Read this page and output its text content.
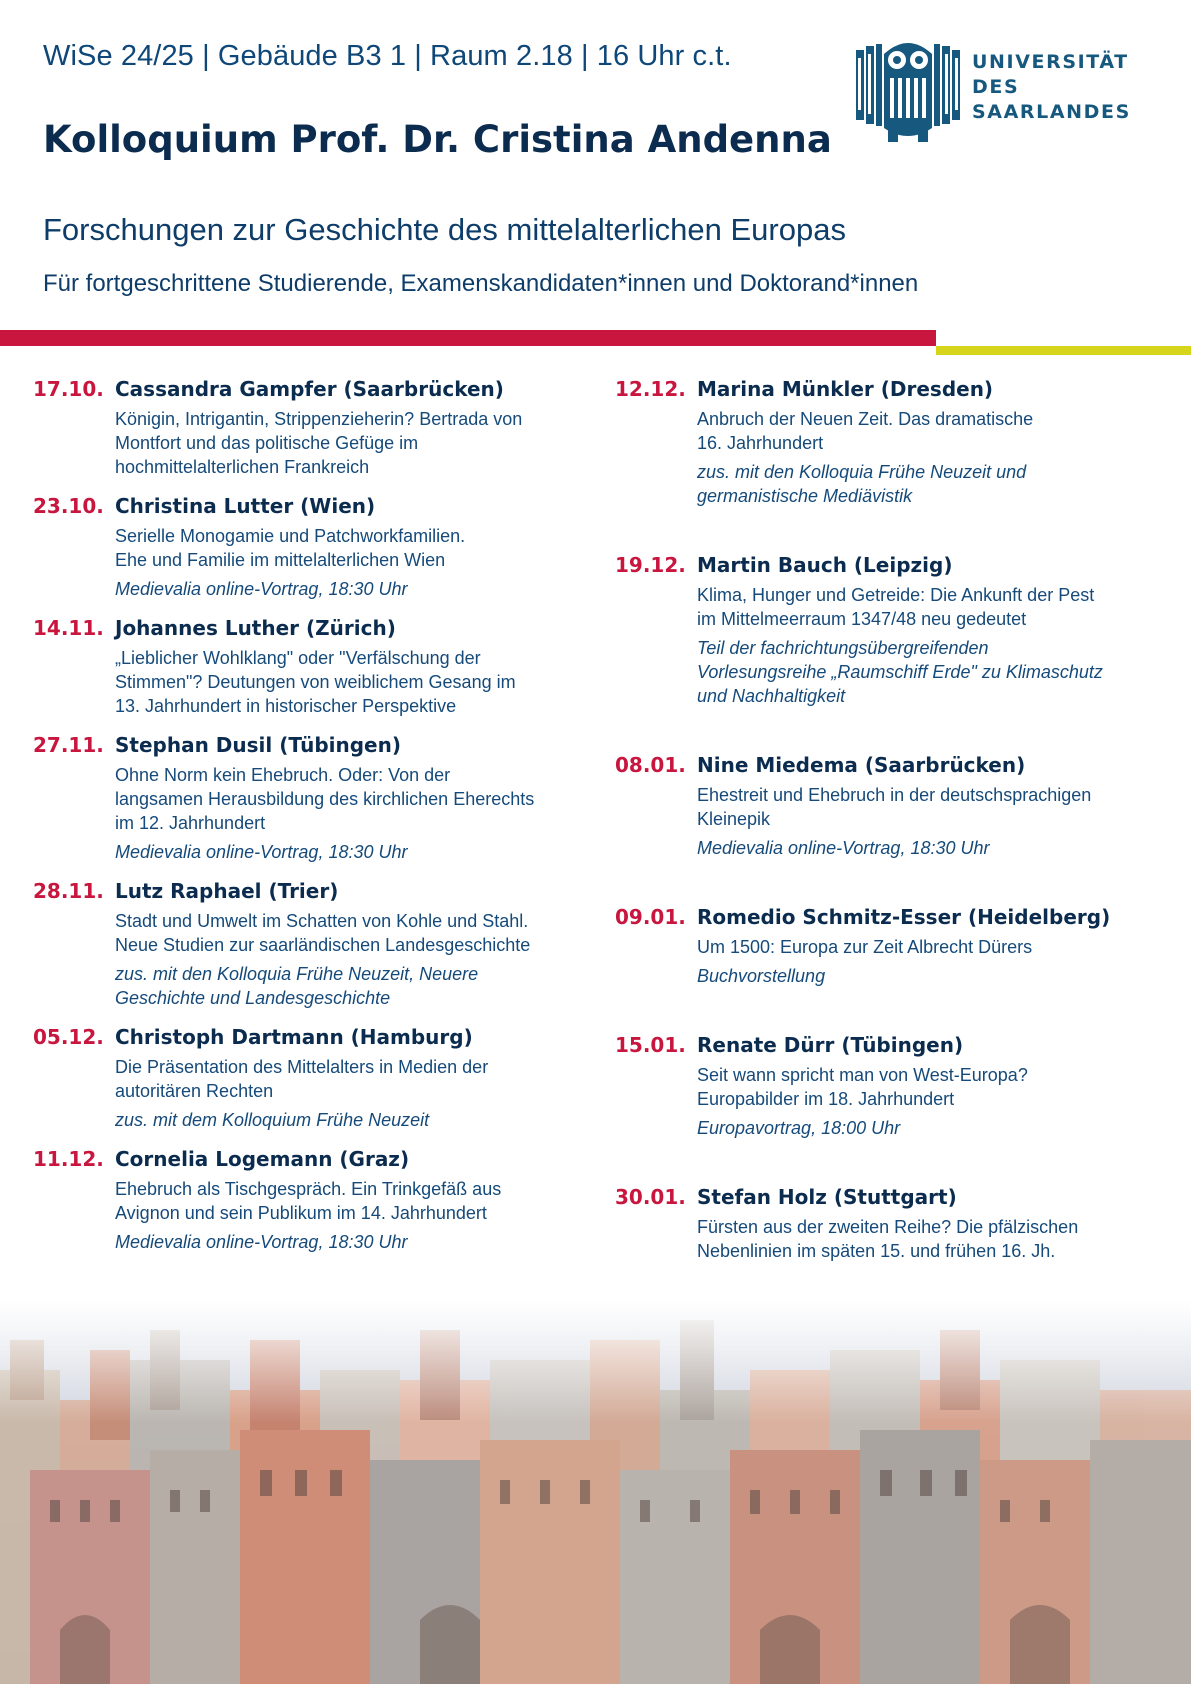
WiSe 24/25 | Gebäude B3 1 | Raum 2.18 | 16 Uhr c.t.
Kolloquium Prof. Dr. Cristina Andenna
Forschungen zur Geschichte des mittelalterlichen Europas
Für fortgeschrittene Studierende, Examenskandidaten*innen und Doktorand*innen
UNIVERSITÄT
DES
SAARLANDES
17.10. Cassandra Gampfer (Saarbrücken)
Königin, Intrigantin, Strippenzieherin? Bertrada von
Montfort und das politische Gefüge im
hochmittelalterlichen Frankreich
23.10. Christina Lutter (Wien)
Serielle Monogamie und Patchworkfamilien.
Ehe und Familie im mittelalterlichen Wien
Medievalia online-Vortrag, 18:30 Uhr
14.11. Johannes Luther (Zürich)
„Lieblicher Wohlklang" oder "Verfälschung der
Stimmen"? Deutungen von weiblichem Gesang im
13. Jahrhundert in historischer Perspektive
27.11. Stephan Dusil (Tübingen)
Ohne Norm kein Ehebruch. Oder: Von der
langsamen Herausbildung des kirchlichen Eherechts
im 12. Jahrhundert
Medievalia online-Vortrag, 18:30 Uhr
28.11. Lutz Raphael (Trier)
Stadt und Umwelt im Schatten von Kohle und Stahl.
Neue Studien zur saarländischen Landesgeschichte
zus. mit den Kolloquia Frühe Neuzeit, Neuere
Geschichte und Landesgeschichte
05.12. Christoph Dartmann (Hamburg)
Die Präsentation des Mittelalters in Medien der
autoritären Rechten
zus. mit dem Kolloquium Frühe Neuzeit
11.12. Cornelia Logemann (Graz)
Ehebruch als Tischgespräch. Ein Trinkgefäß aus
Avignon und sein Publikum im 14. Jahrhundert
Medievalia online-Vortrag, 18:30 Uhr
12.12. Marina Münkler (Dresden)
Anbruch der Neuen Zeit. Das dramatische
16. Jahrhundert
zus. mit den Kolloquia Frühe Neuzeit und
germanistische Mediävistik
19.12. Martin Bauch (Leipzig)
Klima, Hunger und Getreide: Die Ankunft der Pest
im Mittelmeerraum 1347/48 neu gedeutet
Teil der fachrichtungsübergreifenden
Vorlesungsreihe „Raumschiff Erde" zu Klimaschutz
und Nachhaltigkeit
08.01. Nine Miedema (Saarbrücken)
Ehestreit und Ehebruch in der deutschsprachigen
Kleinepik
Medievalia online-Vortrag, 18:30 Uhr
09.01. Romedio Schmitz-Esser (Heidelberg)
Um 1500: Europa zur Zeit Albrecht Dürers
Buchvorstellung
15.01. Renate Dürr (Tübingen)
Seit wann spricht man von West-Europa?
Europabilder im 18. Jahrhundert
Europavortrag, 18:00 Uhr
30.01. Stefan Holz (Stuttgart)
Fürsten aus der zweiten Reihe? Die pfälzischen
Nebenlinien im späten 15. und frühen 16. Jh.
